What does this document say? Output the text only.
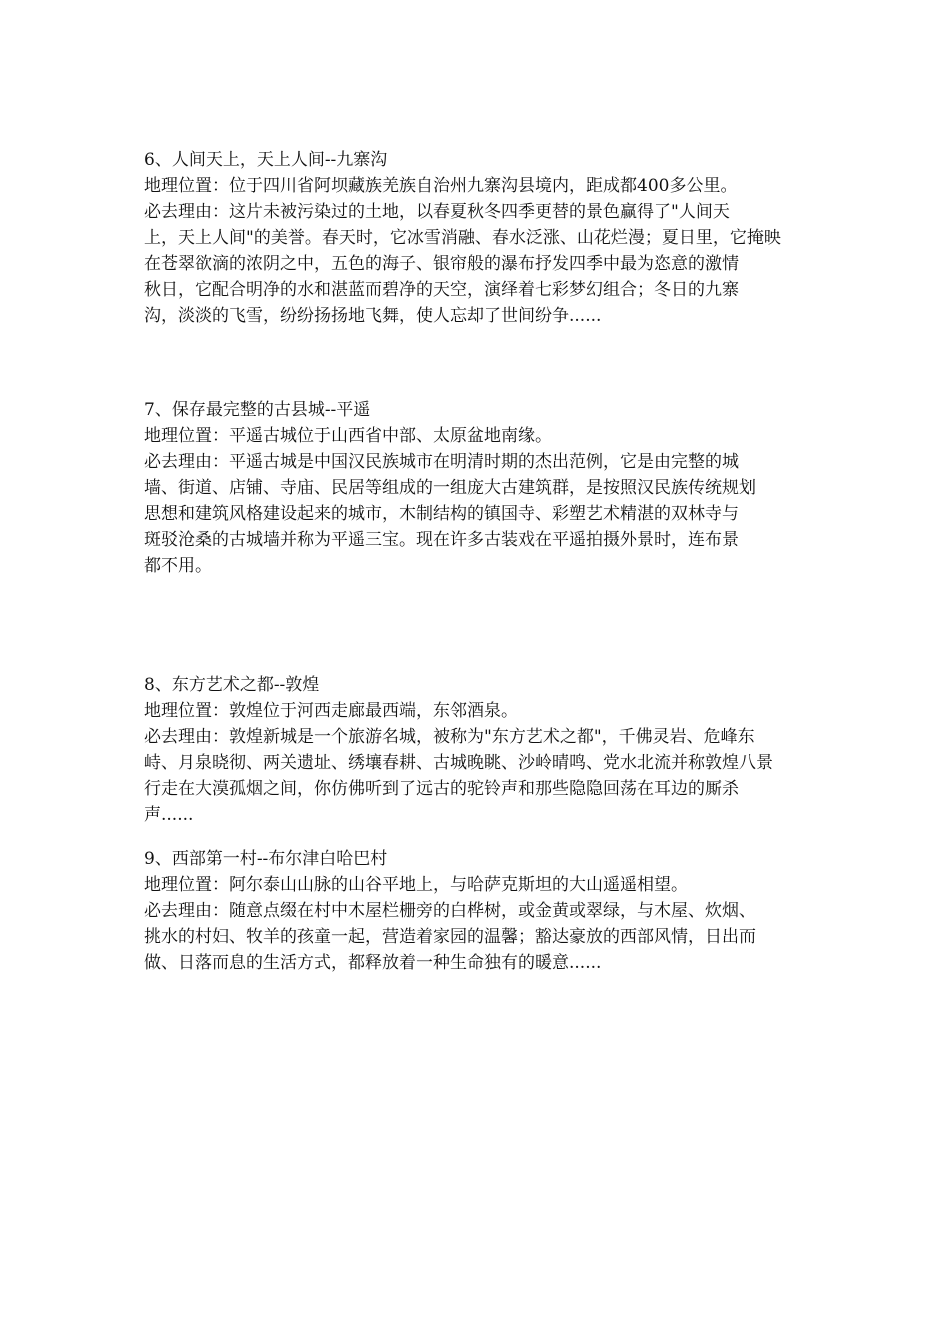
6、人间天上，天上人间--九寨沟
地理位置：位于四川省阿坝藏族羌族自治州九寨沟县境内，距成都400多公里。
必去理由：这片未被污染过的土地，以春夏秋冬四季更替的景色赢得了"人间天
上，天上人间"的美誉。春天时，它冰雪消融、春水泛涨、山花烂漫；夏日里，它掩映
在苍翠欲滴的浓阴之中，五色的海子、银帘般的瀑布抒发四季中最为恣意的激情
秋日，它配合明净的水和湛蓝而碧净的天空，演绎着七彩梦幻组合；冬日的九寨
沟，淡淡的飞雪，纷纷扬扬地飞舞，使人忘却了世间纷争......
7、保存最完整的古县城--平遥
地理位置：平遥古城位于山西省中部、太原盆地南缘。
必去理由：平遥古城是中国汉民族城市在明清时期的杰出范例，它是由完整的城
墙、街道、店铺、寺庙、民居等组成的一组庞大古建筑群，是按照汉民族传统规划
思想和建筑风格建设起来的城市，木制结构的镇国寺、彩塑艺术精湛的双林寺与
斑驳沧桑的古城墙并称为平遥三宝。现在许多古装戏在平遥拍摄外景时，连布景
都不用。
8、东方艺术之都--敦煌
地理位置：敦煌位于河西走廊最西端，东邻酒泉。
必去理由：敦煌新城是一个旅游名城，被称为"东方艺术之都"，千佛灵岩、危峰东
峙、月泉晓彻、两关遗址、绣壤春耕、古城晚眺、沙岭晴鸣、党水北流并称敦煌八景
行走在大漠孤烟之间，你仿佛听到了远古的驼铃声和那些隐隐回荡在耳边的厮杀
声......
9、西部第一村--布尔津白哈巴村
地理位置：阿尔泰山山脉的山谷平地上，与哈萨克斯坦的大山遥遥相望。
必去理由：随意点缀在村中木屋栏栅旁的白桦树，或金黄或翠绿，与木屋、炊烟、
挑水的村妇、牧羊的孩童一起，营造着家园的温馨；豁达豪放的西部风情，日出而
做、日落而息的生活方式，都释放着一种生命独有的暖意......
